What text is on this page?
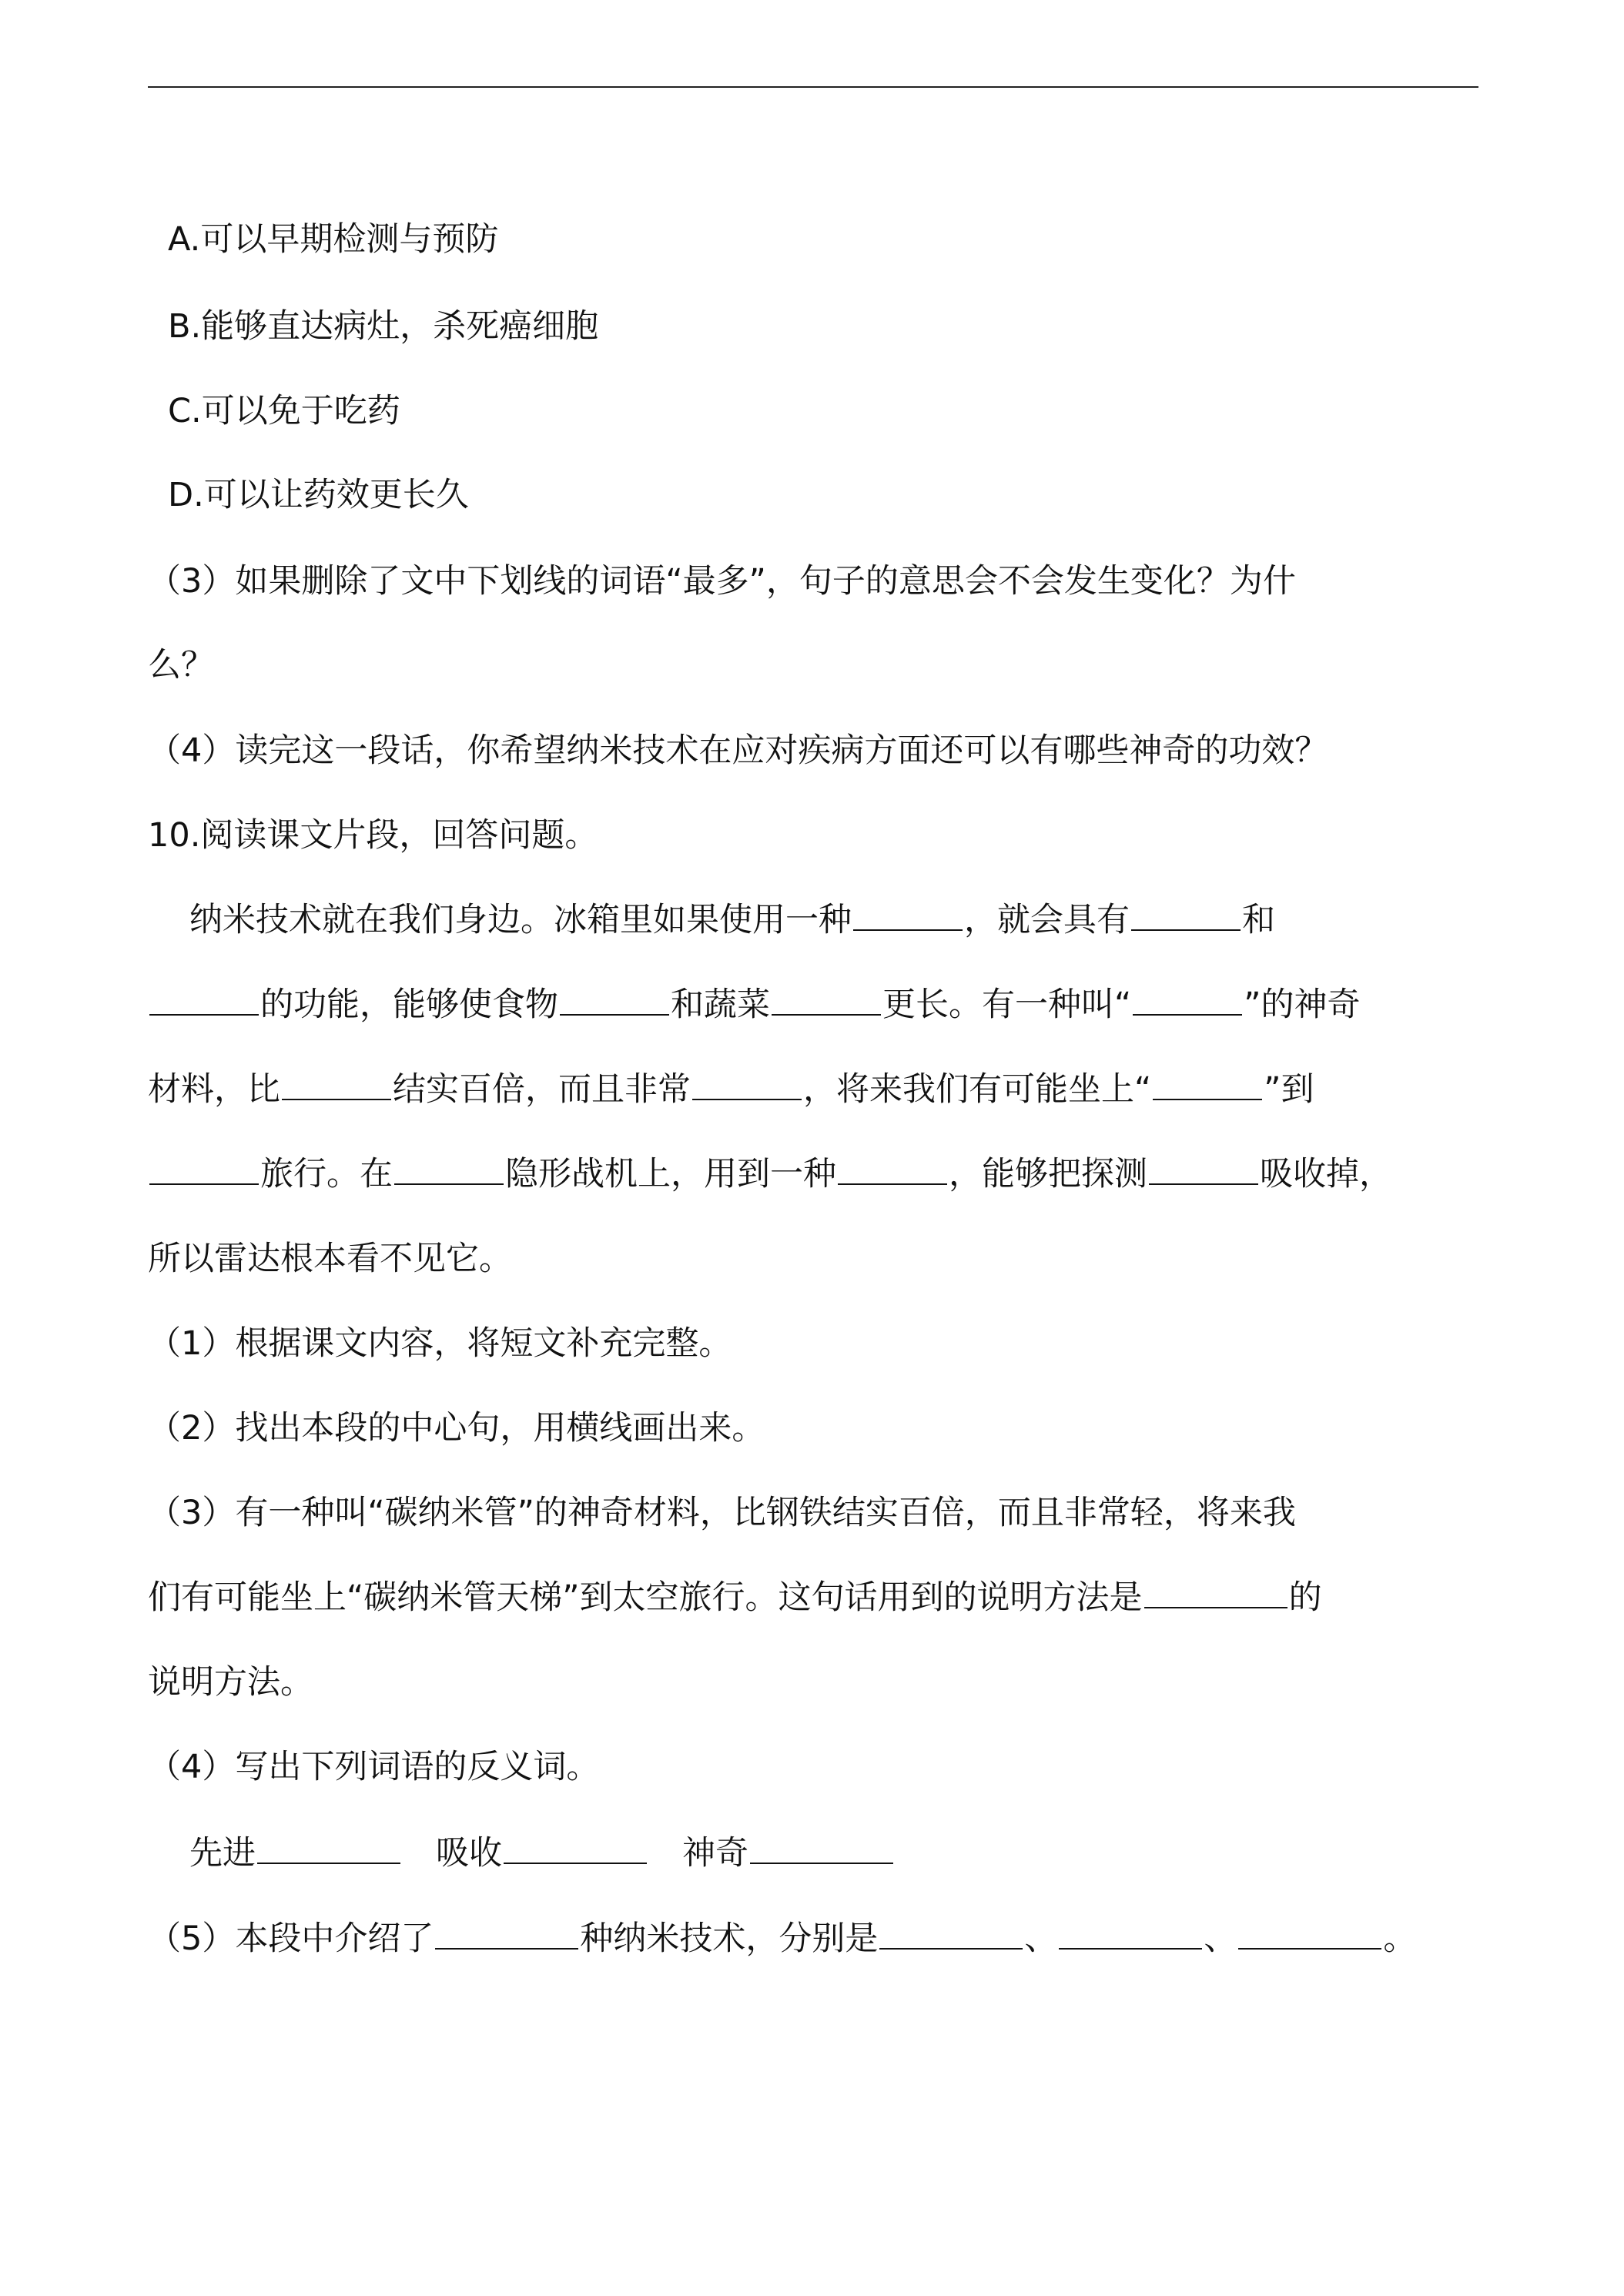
A.可以早期检测与预防
B.能够直达病灶，杀死癌细胞
C.可以免于吃药
D.可以让药效更长久
（3）如果删除了文中下划线的词语“最多”，句子的意思会不会发生变化？为什
么？
（4）读完这一段话，你希望纳米技术在应对疾病方面还可以有哪些神奇的功效？
10.阅读课文片段，回答问题。
纳米技术就在我们身边。冰箱里如果使用一种	，就会具有	和
的功能，能够使食物	和蔬菜	更长。有一种叫“	”的神奇
材料，比	结实百倍，而且非常	，将来我们有可能坐上“	”到
旅行。在	隐形战机上，用到一种	，能够把探测	吸收掉，
所以雷达根本看不见它。
（1）根据课文内容，将短文补充完整。
（2）找出本段的中心句，用横线画出来。
（3）有一种叫“碳纳米管”的神奇材料，比钢铁结实百倍，而且非常轻，将来我
们有可能坐上“碳纳米管天梯”到太空旅行。这句话用到的说明方法是	的
说明方法。
（4）写出下列词语的反义词。
先进	吸收	神奇
（5）本段中介绍了	种纳米技术，分别是	、	、	。
